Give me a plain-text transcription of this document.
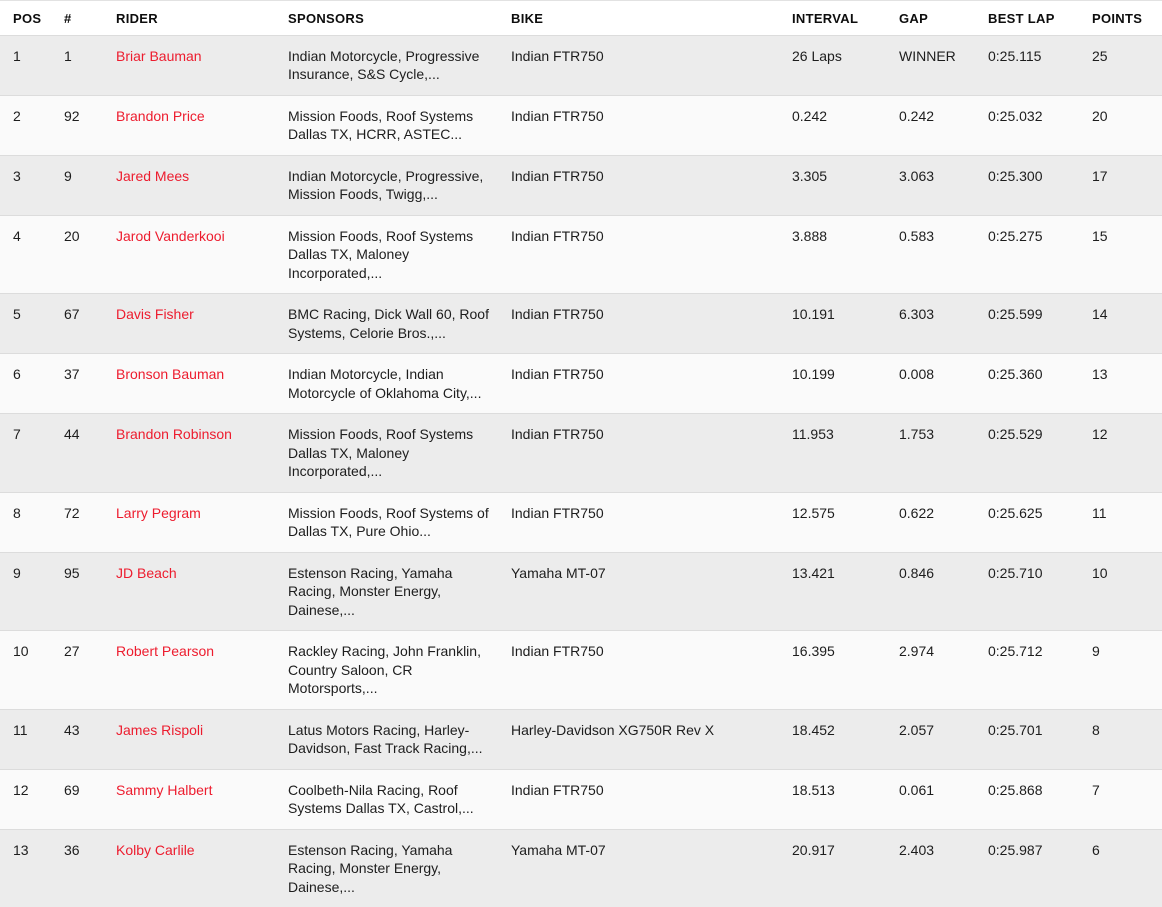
POS	#	RIDER	SPONSORS	BIKE	INTERVAL	GAP	BEST LAP	POINTS
1	1	Briar Bauman	Indian Motorcycle, Progressive Insurance, S&S Cycle,...	Indian FTR750	26 Laps	WINNER	0:25.115	25
2	92	Brandon Price	Mission Foods, Roof Systems Dallas TX, HCRR, ASTEC...	Indian FTR750	0.242	0.242	0:25.032	20
3	9	Jared Mees	Indian Motorcycle, Progressive, Mission Foods, Twigg,...	Indian FTR750	3.305	3.063	0:25.300	17
4	20	Jarod Vanderkooi	Mission Foods, Roof Systems Dallas TX, Maloney Incorporated,...	Indian FTR750	3.888	0.583	0:25.275	15
5	67	Davis Fisher	BMC Racing, Dick Wall 60, Roof Systems, Celorie Bros.,...	Indian FTR750	10.191	6.303	0:25.599	14
6	37	Bronson Bauman	Indian Motorcycle, Indian Motorcycle of Oklahoma City,...	Indian FTR750	10.199	0.008	0:25.360	13
7	44	Brandon Robinson	Mission Foods, Roof Systems Dallas TX, Maloney Incorporated,...	Indian FTR750	11.953	1.753	0:25.529	12
8	72	Larry Pegram	Mission Foods, Roof Systems of Dallas TX, Pure Ohio...	Indian FTR750	12.575	0.622	0:25.625	11
9	95	JD Beach	Estenson Racing, Yamaha Racing, Monster Energy, Dainese,...	Yamaha MT-07	13.421	0.846	0:25.710	10
10	27	Robert Pearson	Rackley Racing, John Franklin, Country Saloon, CR Motorsports,...	Indian FTR750	16.395	2.974	0:25.712	9
11	43	James Rispoli	Latus Motors Racing, Harley-Davidson, Fast Track Racing,...	Harley-Davidson XG750R Rev X	18.452	2.057	0:25.701	8
12	69	Sammy Halbert	Coolbeth-Nila Racing, Roof Systems Dallas TX, Castrol,...	Indian FTR750	18.513	0.061	0:25.868	7
13	36	Kolby Carlile	Estenson Racing, Yamaha Racing, Monster Energy, Dainese,...	Yamaha MT-07	20.917	2.403	0:25.987	6
